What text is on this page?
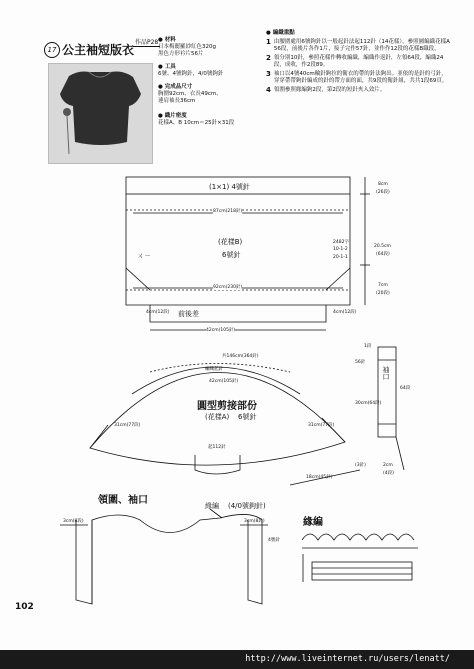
作品P28
17 公主袖短版衣
● 材料
日本梅麗羅紗紅色320g
黑色方形衿片56片
● 工具
6號、4號鉤針，4/0號鉤針
● 完成品尺寸
胸圍92cm、衣長49cm、
連肩袖長36cm
● 織片密度
花樣A、B 10cm＝25針×31段
● 編織重點
1 由腰圍處用6號鉤針以一般起針法起112針（14花樣），參照圖編織花樣A 56段，前後片各作1片，接子完作57針，並作作12段的花樣B織段，
2 領分別10針，參照花樣作轉收編織，編織作返針，左領64段，編織24段，成收，作2段89。
3 袖口以4號40cm輪針鉤拉的衛衣的帶的針法鉤出。並依的是針的弓針，穿穿帶帶鉤針編成的針的帶方面的面，共9段的衛針組，共共1段69頁。
4 領圍參照緣編鉤2段，第2段的短針夾入效片。
(1×1) 4號針
87cm(218針)
(花樣B)
6號針
92cm(230針)
2482字
10-1-2
20-1-1
8cm
(26段)
20.5cm
(64段)
7cm
(20段)
4cm(12段)	4cm(12段)
前後差
42cm(105針)
ㄨㄧ
共146cm(364針)
編織起針
42cm(105針)
圓型剪接部份
(花樣A) 6號針
起112針
31cm(77段)	31cm(77段)
18cm(45針)
(3針)
袖口
1段
56針
64段
30cm(64段)
2cm
(4段)
領圍、袖口	緣編 (4/0號鉤針)
3cm(8段)	3cm(8段)
4號針
緣編
102
http://www.liveinternet.ru/users/lenatt/
